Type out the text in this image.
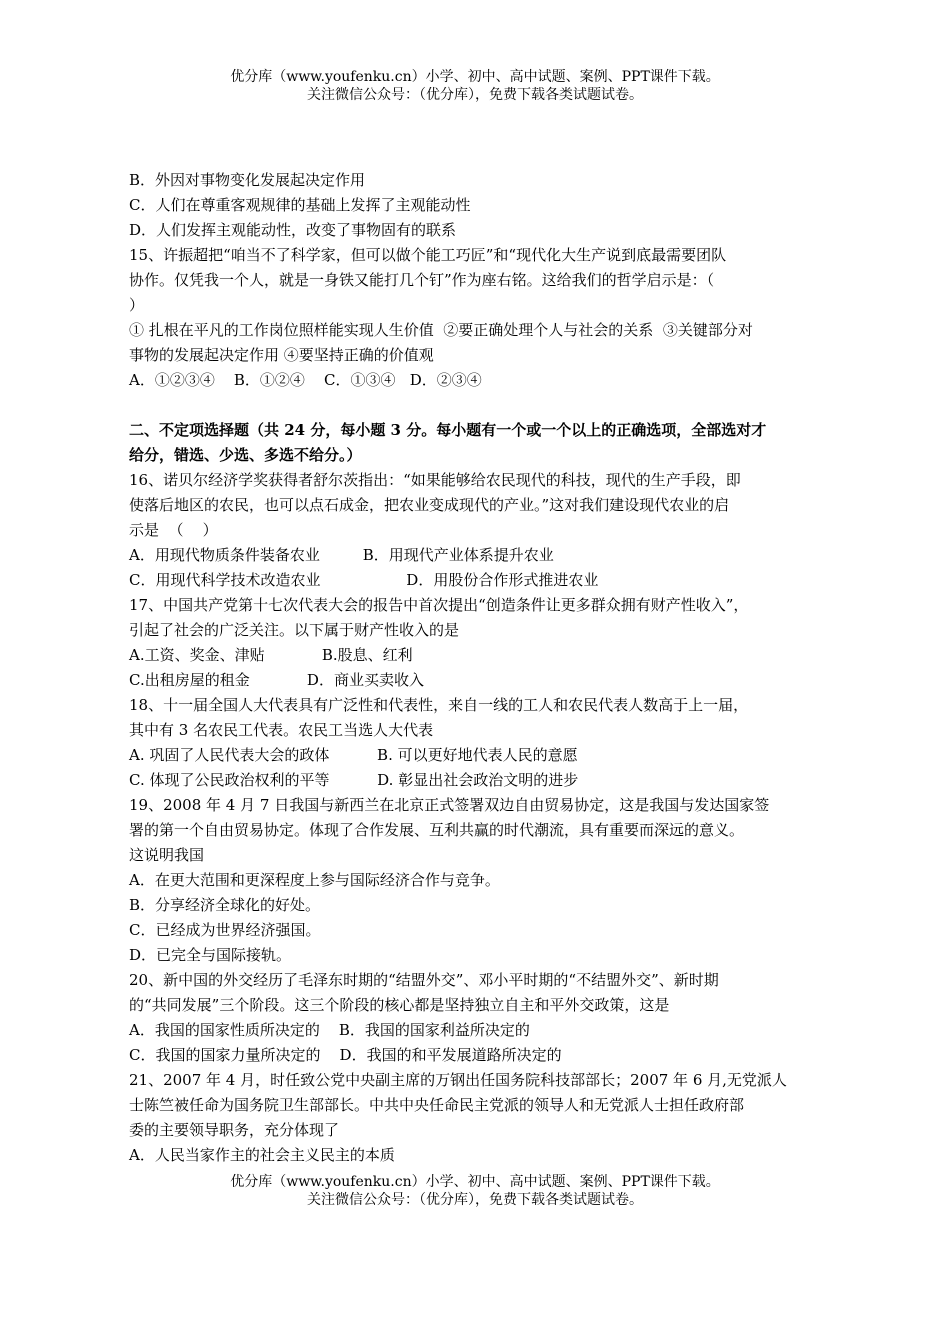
优分库（www.youfenku.cn）小学、初中、高中试题、案例、PPT课件下载。
关注微信公众号：（优分库），免费下载各类试题试卷。

B．外因对事物变化发展起决定作用

C．人们在尊重客观规律的基础上发挥了主观能动性

D．人们发挥主观能动性，改变了事物固有的联系

15、许振超把“咱当不了科学家，但可以做个能工巧匠”和“现代化大生产说到底最需要团队

协作。仅凭我一个人，就是一身铁又能打几个钉”作为座右铭。这给我们的哲学启示是：（

）

① 扎根在平凡的工作岗位照样能实现人生价值  ②要正确处理个人与社会的关系  ③关键部分对

事物的发展起决定作用 ④要坚持正确的价值观

A．①②③④    B．①②④    C．①③④   D．②③④

二、不定项选择题（共 24 分，每小题 3 分。每小题有一个或一个以上的正确选项，全部选对才

给分，错选、少选、多选不给分。）

16、诺贝尔经济学奖获得者舒尔茨指出：“如果能够给农民现代的科技，现代的生产手段，即

使落后地区的农民，也可以点石成金，把农业变成现代的产业。”这对我们建设现代农业的启

示是  （    ）

A．用现代物质条件装备农业         B．用现代产业体系提升农业

C．用现代科学技术改造农业                  D．用股份合作形式推进农业

17、中国共产党第十七次代表大会的报告中首次提出“创造条件让更多群众拥有财产性收入”，

引起了社会的广泛关注。以下属于财产性收入的是

A.工资、奖金、津贴            B.股息、红利

C.出租房屋的租金            D．商业买卖收入

18、十一届全国人大代表具有广泛性和代表性，来自一线的工人和农民代表人数高于上一届，

其中有 3 名农民工代表。农民工当选人大代表

A. 巩固了人民代表大会的政体          B. 可以更好地代表人民的意愿

C. 体现了公民政治权利的平等          D. 彰显出社会政治文明的进步

19、2008 年 4 月 7 日我国与新西兰在北京正式签署双边自由贸易协定，这是我国与发达国家签

署的第一个自由贸易协定。体现了合作发展、互利共赢的时代潮流，具有重要而深远的意义。

这说明我国

A．在更大范围和更深程度上参与国际经济合作与竞争。

B．分享经济全球化的好处。

C．已经成为世界经济强国。

D．已完全与国际接轨。

20、新中国的外交经历了毛泽东时期的“结盟外交”、邓小平时期的“不结盟外交”、新时期

的“共同发展”三个阶段。这三个阶段的核心都是坚持独立自主和平外交政策，这是

A．我国的国家性质所决定的    B．我国的国家利益所决定的

C．我国的国家力量所决定的    D．我国的和平发展道路所决定的

21、2007 年 4 月，时任致公党中央副主席的万钢出任国务院科技部部长；2007 年 6 月,无党派人

士陈竺被任命为国务院卫生部部长。中共中央任命民主党派的领导人和无党派人士担任政府部

委的主要领导职务，充分体现了

A．人民当家作主的社会主义民主的本质

优分库（www.youfenku.cn）小学、初中、高中试题、案例、PPT课件下载。
关注微信公众号：（优分库），免费下载各类试题试卷。
